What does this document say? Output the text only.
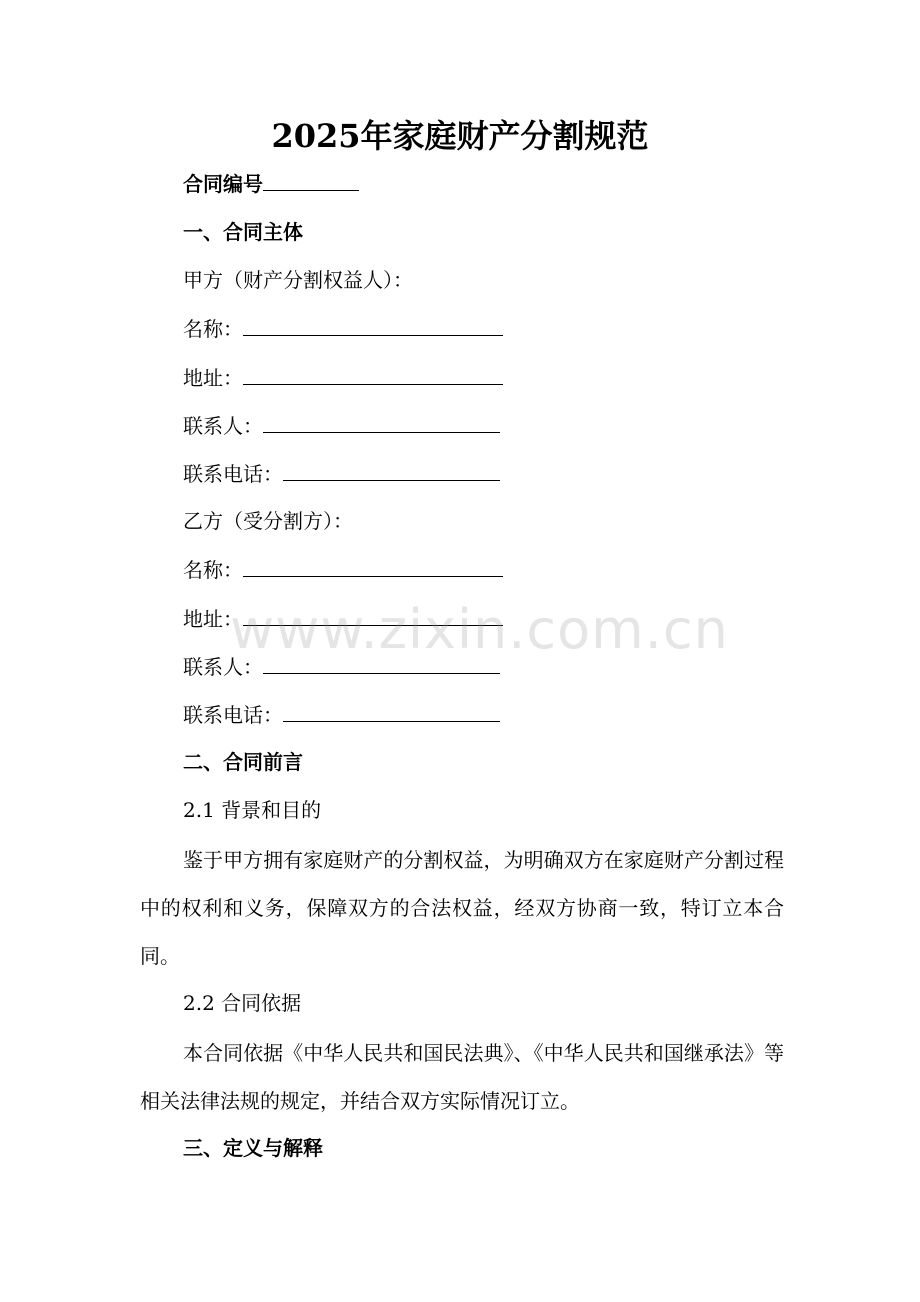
2025年家庭财产分割规范
合同编号
一、合同主体
甲方（财产分割权益人）：
名称：
地址：
联系人：
联系电话：
乙方（受分割方）：
名称：
地址：
联系人：
联系电话：
二、合同前言
2.1 背景和目的
鉴于甲方拥有家庭财产的分割权益，为明确双方在家庭财产分割过程中的权利和义务，保障双方的合法权益，经双方协商一致，特订立本合同。
2.2 合同依据
本合同依据《中华人民共和国民法典》、《中华人民共和国继承法》等相关法律法规的规定，并结合双方实际情况订立。
三、定义与解释
www.zixin.com.cn
